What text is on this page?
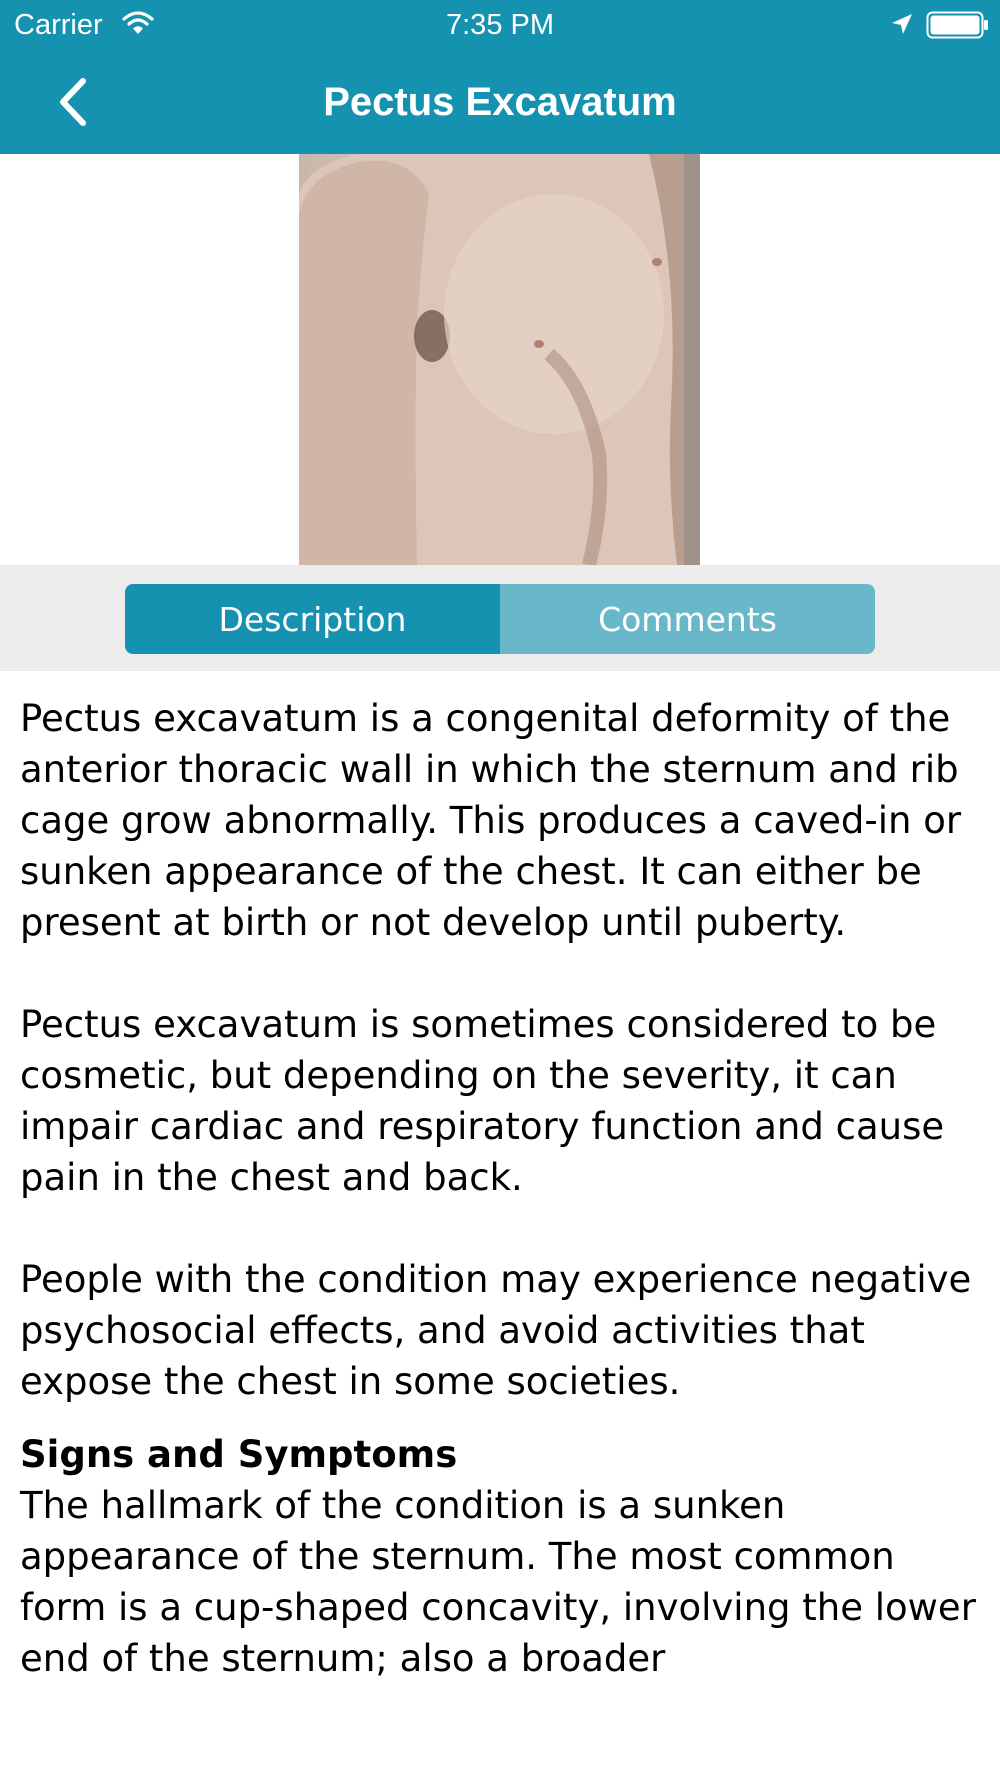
Carrier	7:35 PM
Pectus Excavatum
Description	Comments

Pectus excavatum is a congenital deformity of the anterior thoracic wall in which the sternum and rib cage grow abnormally. This produces a caved-in or sunken appearance of the chest. It can either be present at birth or not develop until puberty.

Pectus excavatum is sometimes considered to be cosmetic, but depending on the severity, it can impair cardiac and respiratory function and cause pain in the chest and back.

People with the condition may experience negative psychosocial effects, and avoid activities that expose the chest in some societies.

Signs and Symptoms

The hallmark of the condition is a sunken appearance of the sternum. The most common form is a cup-shaped concavity, involving the lower end of the sternum; also a broader
